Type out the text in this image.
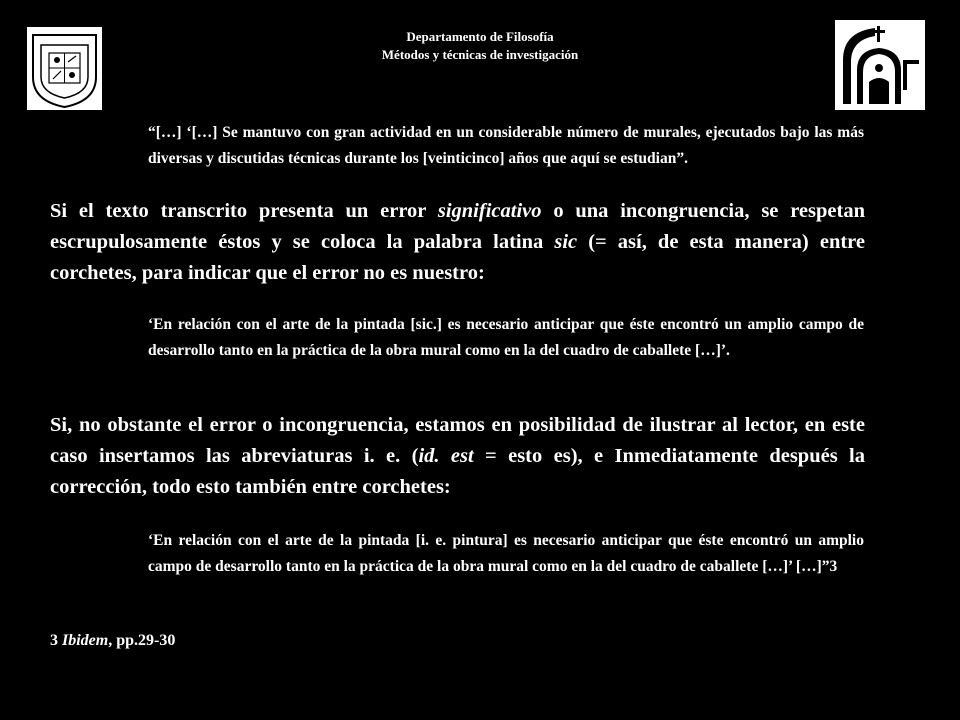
Departamento de Filosofía
Métodos y técnicas de investigación
“[…] ‘[…] Se mantuvo con gran actividad en un considerable número de murales, ejecutados bajo las más diversas y discutidas técnicas durante los [veinticinco] años que aquí se estudian”.
Si el texto transcrito presenta un error significativo o una incongruencia, se respetan escrupulosamente éstos y se coloca la palabra latina sic (= así, de esta manera) entre corchetes, para indicar que el error no es nuestro:
‘En relación con el arte de la pintada [sic.] es necesario anticipar que éste encontró un amplio campo de desarrollo tanto en la práctica de la obra mural como en la del cuadro de caballete […]’.
Si, no obstante el error o incongruencia, estamos en posibilidad de ilustrar al lector, en este caso insertamos las abreviaturas i. e. (id. est = esto es), e Inmediatamente después la corrección, todo esto también entre corchetes:
‘En relación con el arte de la pintada [i. e. pintura] es necesario anticipar que éste encontró un amplio campo de desarrollo tanto en la práctica de la obra mural como en la del cuadro de caballete […]’ […]”3
3 Ibidem, pp.29-30
